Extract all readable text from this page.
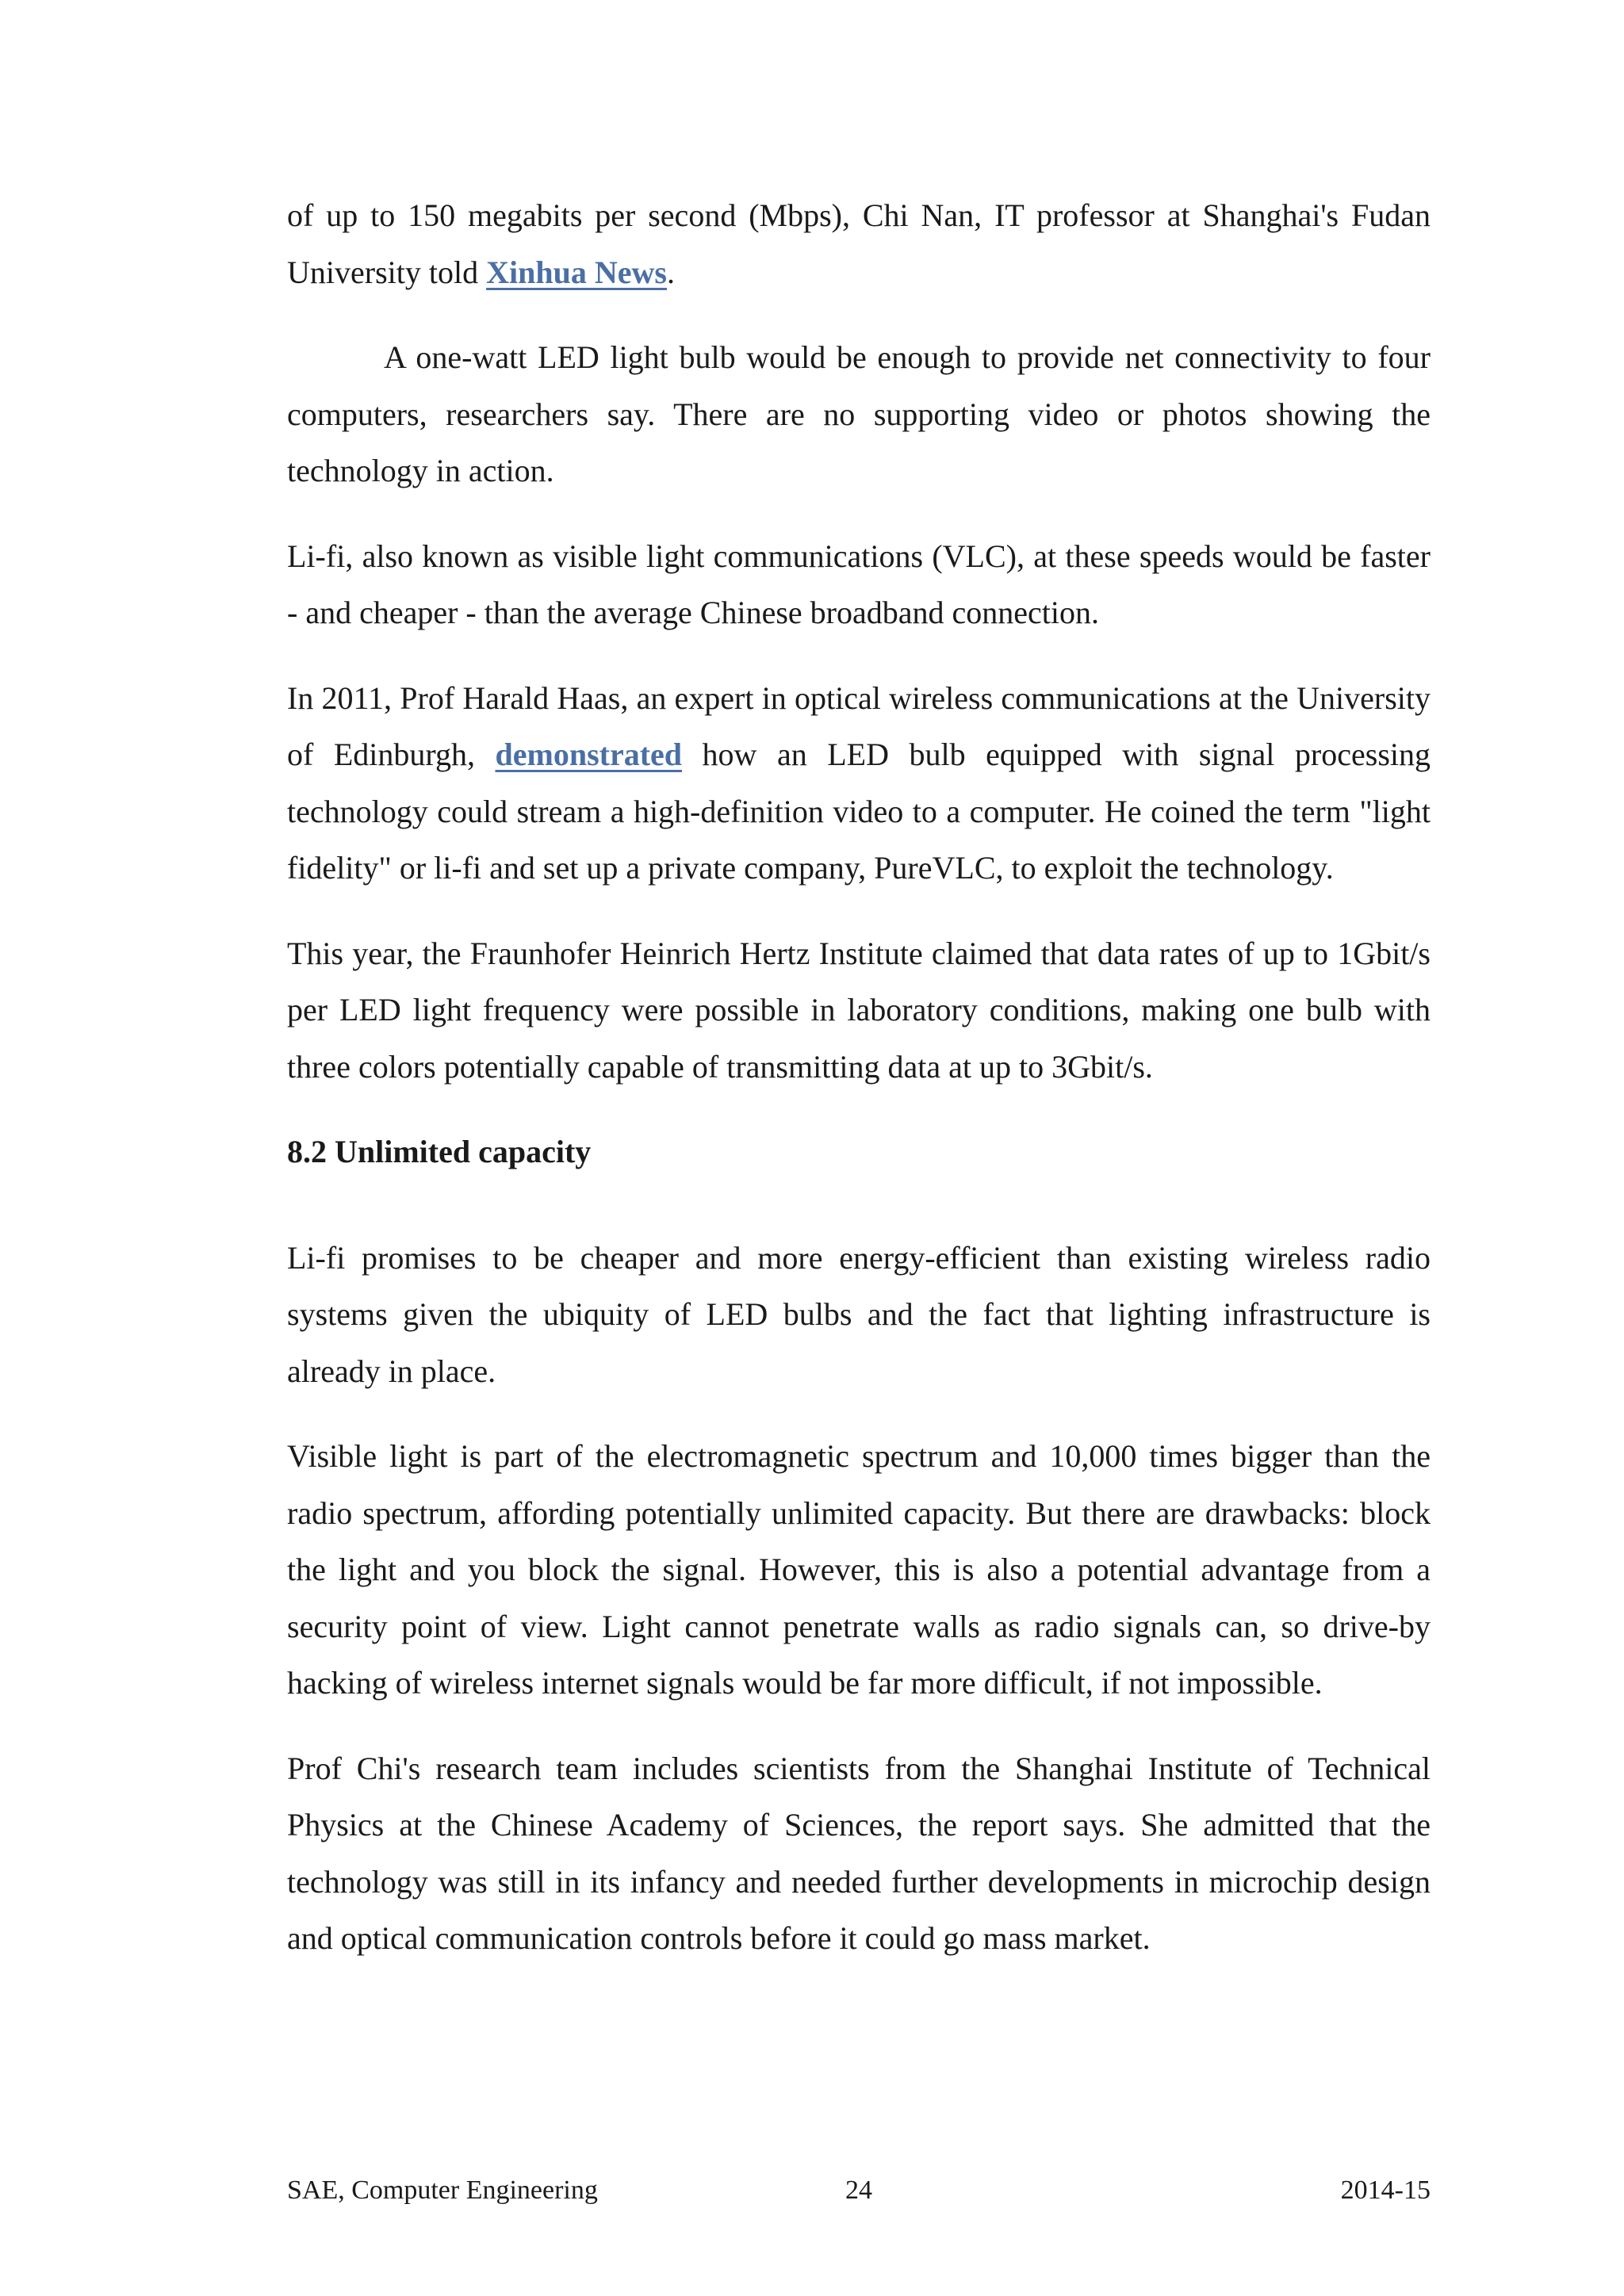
of up to 150 megabits per second (Mbps), Chi Nan, IT professor at Shanghai's Fudan University told Xinhua News.

A one-watt LED light bulb would be enough to provide net connectivity to four computers, researchers say. There are no supporting video or photos showing the technology in action.

Li-fi, also known as visible light communications (VLC), at these speeds would be faster - and cheaper - than the average Chinese broadband connection.

In 2011, Prof Harald Haas, an expert in optical wireless communications at the University of Edinburgh, demonstrated how an LED bulb equipped with signal processing technology could stream a high-definition video to a computer. He coined the term "light fidelity" or li-fi and set up a private company, PureVLC, to exploit the technology.

This year, the Fraunhofer Heinrich Hertz Institute claimed that data rates of up to 1Gbit/s per LED light frequency were possible in laboratory conditions, making one bulb with three colors potentially capable of transmitting data at up to 3Gbit/s.

8.2 Unlimited capacity

Li-fi promises to be cheaper and more energy-efficient than existing wireless radio systems given the ubiquity of LED bulbs and the fact that lighting infrastructure is already in place.

Visible light is part of the electromagnetic spectrum and 10,000 times bigger than the radio spectrum, affording potentially unlimited capacity. But there are drawbacks: block the light and you block the signal. However, this is also a potential advantage from a security point of view. Light cannot penetrate walls as radio signals can, so drive-by hacking of wireless internet signals would be far more difficult, if not impossible.

Prof Chi's research team includes scientists from the Shanghai Institute of Technical Physics at the Chinese Academy of Sciences, the report says. She admitted that the technology was still in its infancy and needed further developments in microchip design and optical communication controls before it could go mass market.

SAE, Computer Engineering	24	2014-15
